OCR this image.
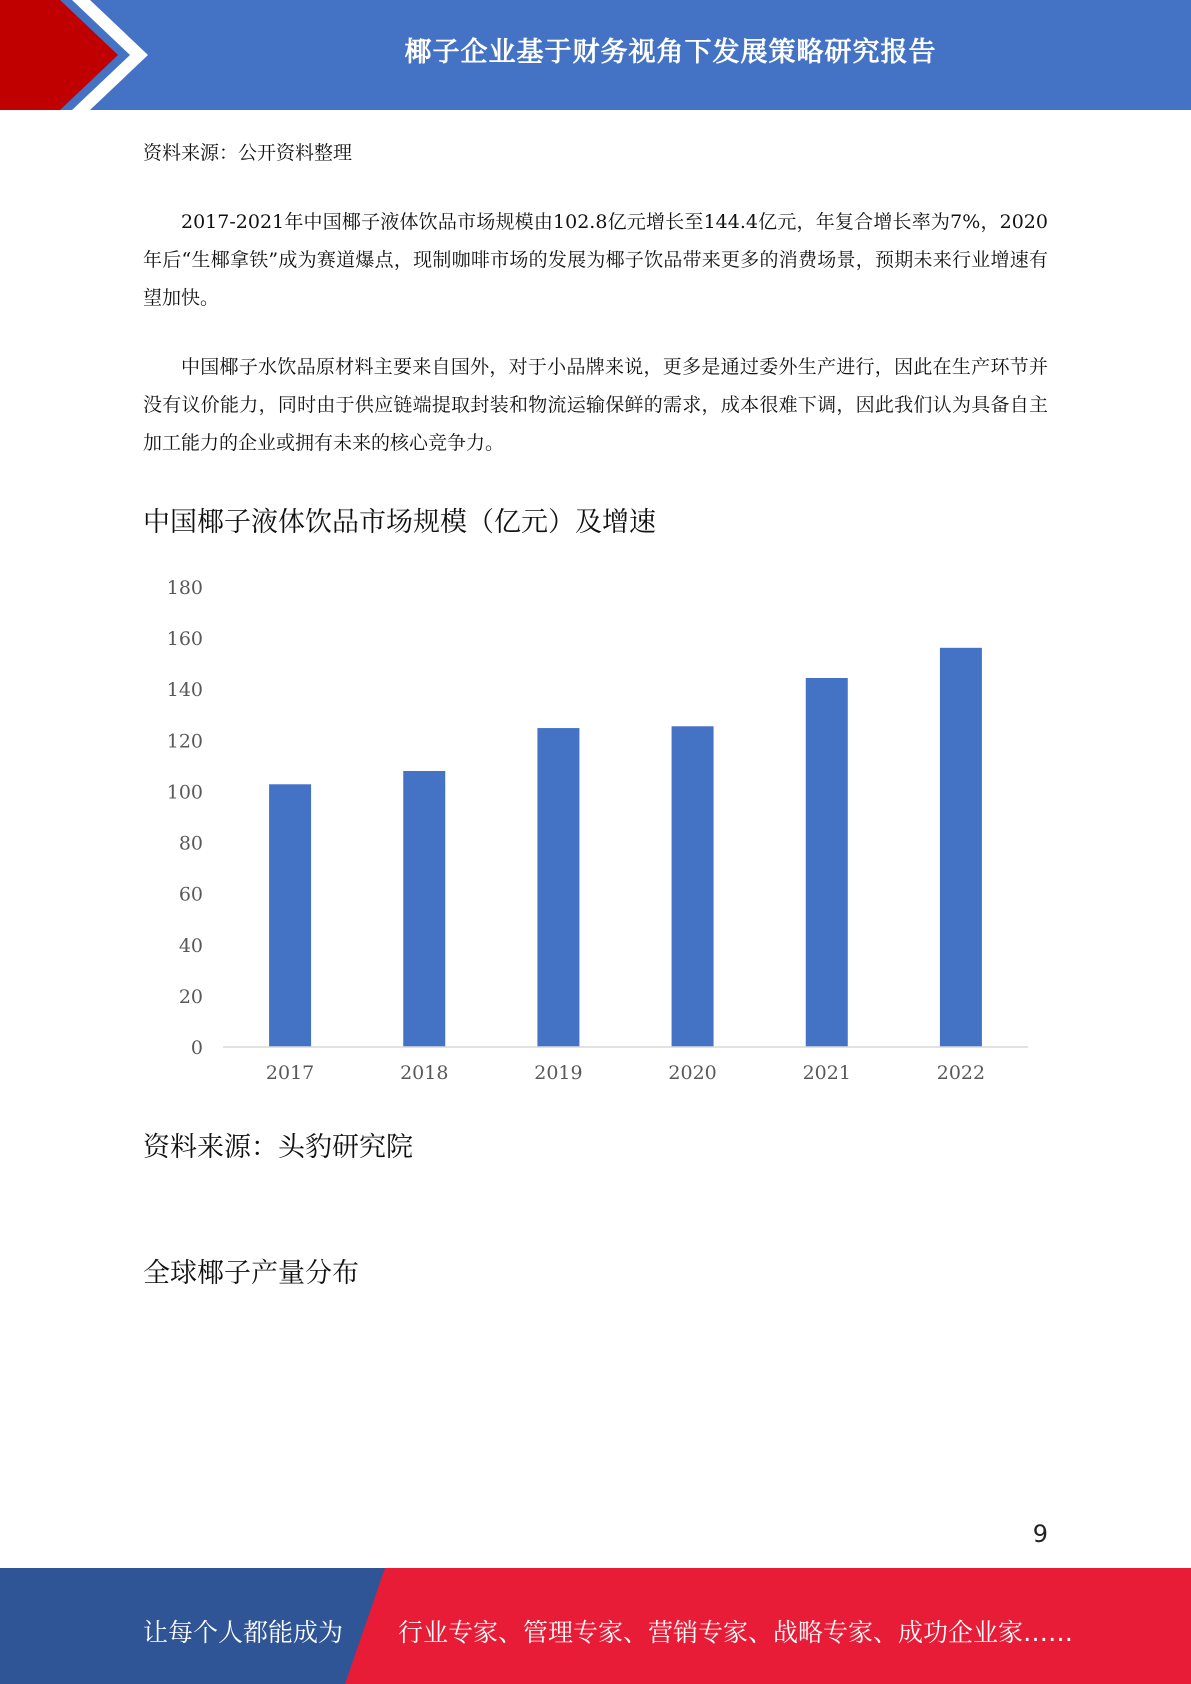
椰子企业基于财务视角下发展策略研究报告
资料来源：公开资料整理

2017-2021年中国椰子液体饮品市场规模由102.8亿元增长至144.4亿元，年复合增长率为7%，2020年后“生椰拿铁”成为赛道爆点，现制咖啡市场的发展为椰子饮品带来更多的消费场景，预期未来行业增速有望加快。

中国椰子水饮品原材料主要来自国外，对于小品牌来说，更多是通过委外生产进行，因此在生产环节并没有议价能力，同时由于供应链端提取封装和物流运输保鲜的需求，成本很难下调，因此我们认为具备自主加工能力的企业或拥有未来的核心竞争力。

中国椰子液体饮品市场规模（亿元）及增速
0
20
40
60
80
100
120
140
160
180
2017	2018	2019	2020	2021	2022
资料来源：头豹研究院
全球椰子产量分布
9
让每个人都能成为 行业专家、管理专家、营销专家、战略专家、成功企业家……
